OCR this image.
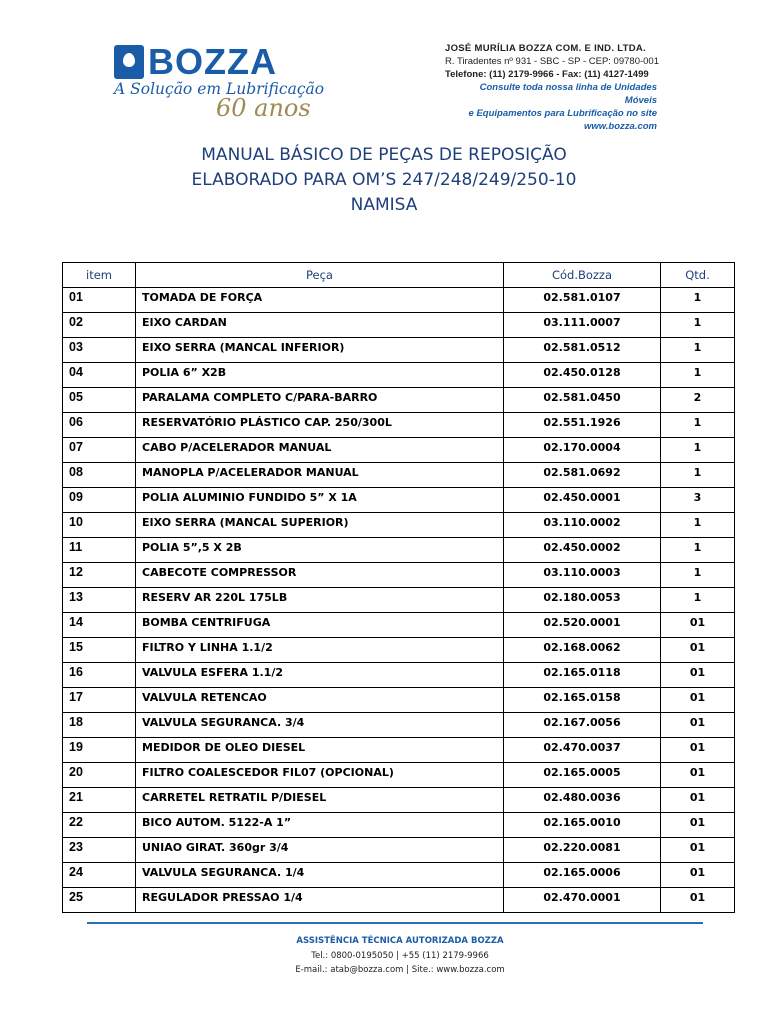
BOZZA
A Solução em Lubrificação
60 anos
JOSÉ MURÍLIA BOZZA COM. E IND. LTDA.
R. Tiradentes nº 931 - SBC - SP - CEP: 09780-001
Telefone: (11) 2179-9966 - Fax: (11) 4127-1499
Consulte toda nossa linha de Unidades Móveis
e Equipamentos para Lubrificação no site
www.bozza.com
MANUAL BÁSICO DE PEÇAS DE REPOSIÇÃO
ELABORADO PARA OM’S 247/248/249/250-10
NAMISA
item	Peça	Cód.Bozza	Qtd.
01	TOMADA DE FORÇA	02.581.0107	1
02	EIXO CARDAN	03.111.0007	1
03	EIXO SERRA (MANCAL INFERIOR)	02.581.0512	1
04	POLIA 6” X2B	02.450.0128	1
05	PARALAMA COMPLETO C/PARA-BARRO	02.581.0450	2
06	RESERVATÓRIO PLÁSTICO CAP. 250/300L	02.551.1926	1
07	CABO P/ACELERADOR MANUAL	02.170.0004	1
08	MANOPLA P/ACELERADOR MANUAL	02.581.0692	1
09	POLIA ALUMINIO FUNDIDO 5” X 1A	02.450.0001	3
10	EIXO SERRA (MANCAL SUPERIOR)	03.110.0002	1
11	POLIA 5”,5 X 2B	02.450.0002	1
12	CABECOTE COMPRESSOR	03.110.0003	1
13	RESERV AR 220L 175LB	02.180.0053	1
14	BOMBA CENTRIFUGA	02.520.0001	01
15	FILTRO Y LINHA 1.1/2	02.168.0062	01
16	VALVULA ESFERA 1.1/2	02.165.0118	01
17	VALVULA RETENCAO	02.165.0158	01
18	VALVULA SEGURANCA. 3/4	02.167.0056	01
19	MEDIDOR DE OLEO DIESEL	02.470.0037	01
20	FILTRO COALESCEDOR FIL07 (OPCIONAL)	02.165.0005	01
21	CARRETEL RETRATIL P/DIESEL	02.480.0036	01
22	BICO AUTOM. 5122-A 1”	02.165.0010	01
23	UNIAO GIRAT. 360gr 3/4	02.220.0081	01
24	VALVULA SEGURANCA. 1/4	02.165.0006	01
25	REGULADOR PRESSAO 1/4	02.470.0001	01
ASSISTÊNCIA TÉCNICA AUTORIZADA BOZZA
Tel.: 0800-0195050 | +55 (11) 2179-9966
E-mail.: atab@bozza.com | Site.: www.bozza.com
